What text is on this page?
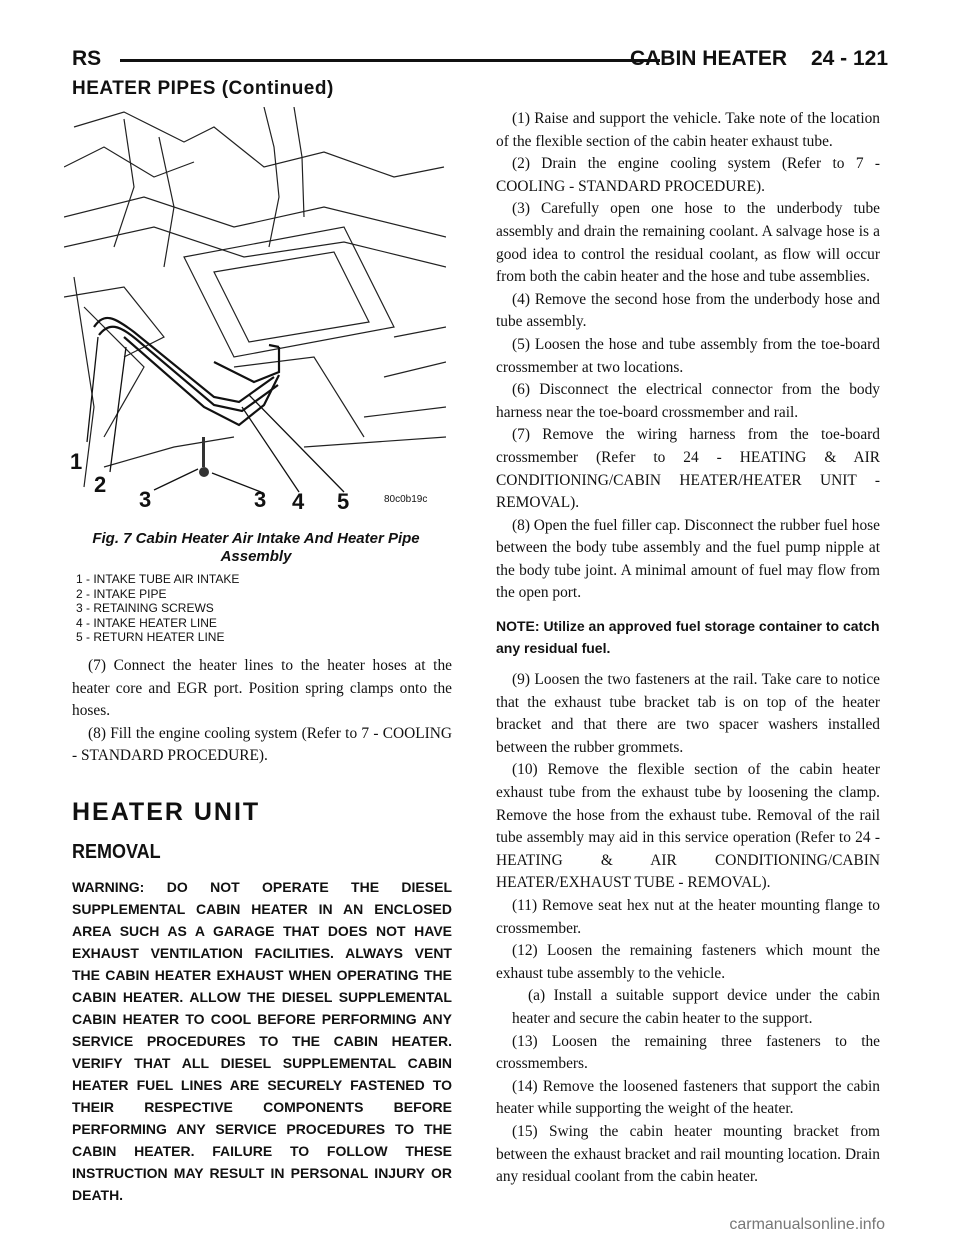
RS	CABIN HEATER 24 - 121
HEATER PIPES (Continued)
1
2
3	3 4 5	80c0b19c
Fig. 7 Cabin Heater Air Intake And Heater Pipe Assembly
1 - INTAKE TUBE AIR INTAKE
2 - INTAKE PIPE
3 - RETAINING SCREWS
4 - INTAKE HEATER LINE
5 - RETURN HEATER LINE

(7) Connect the heater lines to the heater hoses at the heater core and EGR port. Position spring clamps onto the hoses.

(8) Fill the engine cooling system (Refer to 7 - COOLING - STANDARD PROCEDURE).

HEATER UNIT
REMOVAL

WARNING: DO NOT OPERATE THE DIESEL SUPPLEMENTAL CABIN HEATER IN AN ENCLOSED AREA SUCH AS A GARAGE THAT DOES NOT HAVE EXHAUST VENTILATION FACILITIES. ALWAYS VENT THE CABIN HEATER EXHAUST WHEN OPERATING THE CABIN HEATER. ALLOW THE DIESEL SUPPLEMENTAL CABIN HEATER TO COOL BEFORE PERFORMING ANY SERVICE PROCEDURES TO THE CABIN HEATER. VERIFY THAT ALL DIESEL SUPPLEMENTAL CABIN HEATER FUEL LINES ARE SECURELY FASTENED TO THEIR RESPECTIVE COMPONENTS BEFORE PERFORMING ANY SERVICE PROCEDURES TO THE CABIN HEATER. FAILURE TO FOLLOW THESE INSTRUCTION MAY RESULT IN PERSONAL INJURY OR DEATH.

(1) Raise and support the vehicle. Take note of the location of the flexible section of the cabin heater exhaust tube.

(2) Drain the engine cooling system (Refer to 7 - COOLING - STANDARD PROCEDURE).

(3) Carefully open one hose to the underbody tube assembly and drain the remaining coolant. A salvage hose is a good idea to control the residual coolant, as flow will occur from both the cabin heater and the hose and tube assemblies.

(4) Remove the second hose from the underbody hose and tube assembly.

(5) Loosen the hose and tube assembly from the toe-board crossmember at two locations.

(6) Disconnect the electrical connector from the body harness near the toe-board crossmember and rail.

(7) Remove the wiring harness from the toe-board crossmember (Refer to 24 - HEATING & AIR CONDITIONING/CABIN HEATER/HEATER UNIT - REMOVAL).

(8) Open the fuel filler cap. Disconnect the rubber fuel hose between the body tube assembly and the fuel pump nipple at the body tube joint. A minimal amount of fuel may flow from the open port.

NOTE: Utilize an approved fuel storage container to catch any residual fuel.

(9) Loosen the two fasteners at the rail. Take care to notice that the exhaust tube bracket tab is on top of the heater bracket and that there are two spacer washers installed between the rubber grommets.

(10) Remove the flexible section of the cabin heater exhaust tube from the exhaust tube by loosening the clamp. Remove the hose from the exhaust tube. Removal of the rail tube assembly may aid in this service operation (Refer to 24 - HEATING & AIR CONDITIONING/CABIN HEATER/EXHAUST TUBE - REMOVAL).

(11) Remove seat hex nut at the heater mounting flange to crossmember.

(12) Loosen the remaining fasteners which mount the exhaust tube assembly to the vehicle.

(a) Install a suitable support device under the cabin heater and secure the cabin heater to the support.

(13) Loosen the remaining three fasteners to the crossmembers.

(14) Remove the loosened fasteners that support the cabin heater while supporting the weight of the heater.

(15) Swing the cabin heater mounting bracket from between the exhaust bracket and rail mounting location. Drain any residual coolant from the cabin heater.

carmanualsonline.info
